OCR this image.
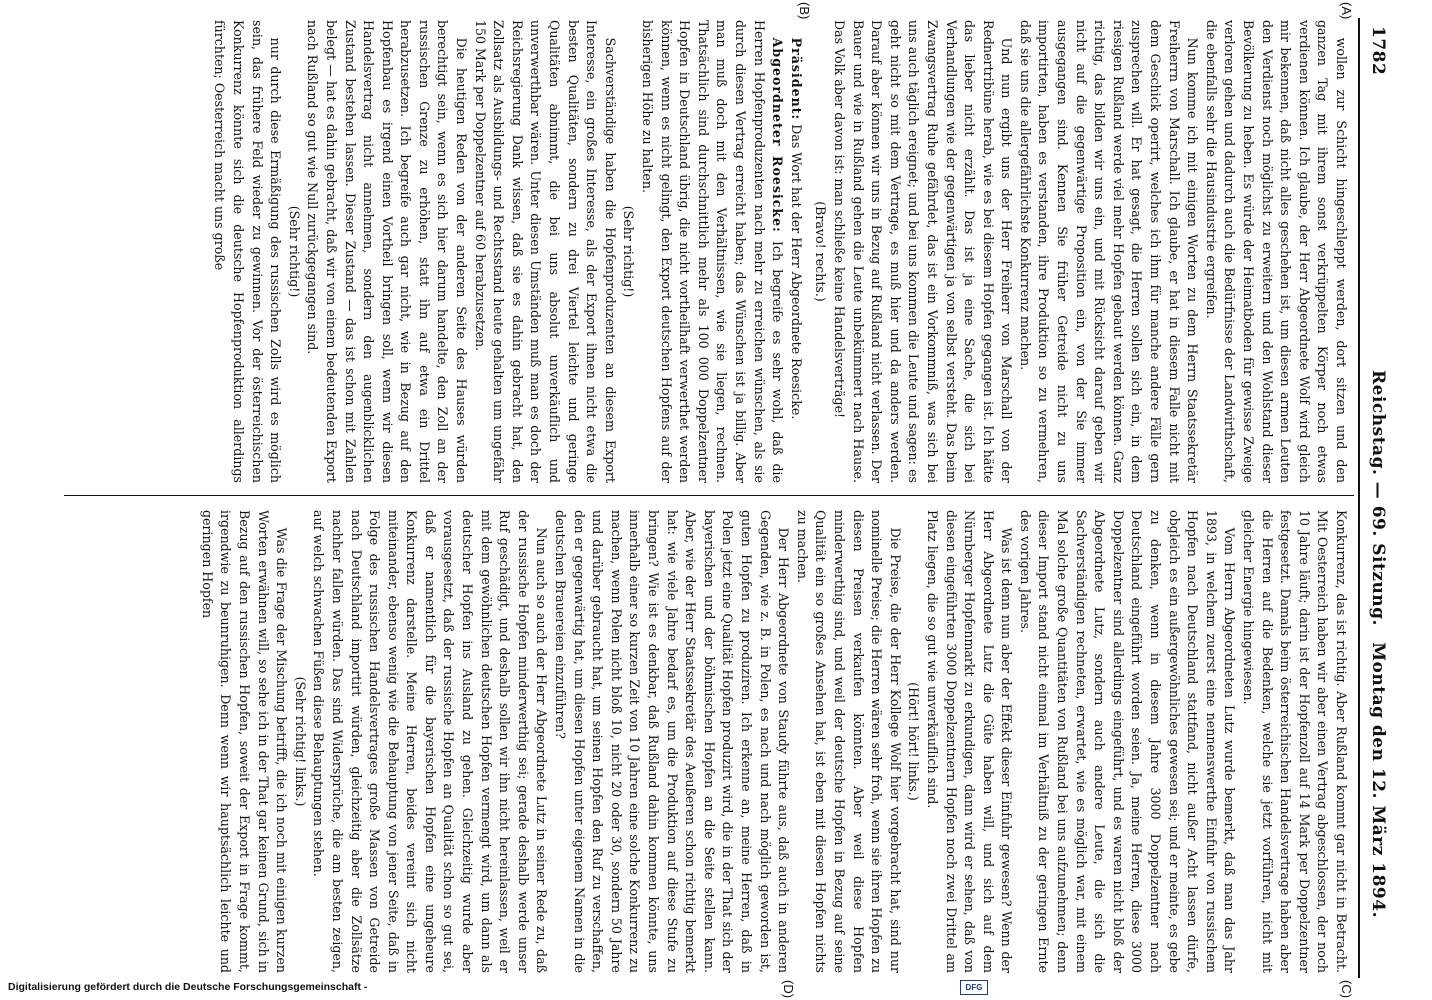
1782
Reichstag. — 69. Sitzung.
Montag den 12. März 1894.
(A)
(B)
(C)
(D)

wollen zur Schicht hingeschleppt werden, dort sitzen und den ganzen Tag mit ihrem sonst verkrüppelten Körper noch etwas verdienen können. Ich glaube, der Herr Abgeordnete Wolf wird gleich mir bekennen, daß nicht alles geschehen ist, um diesen armen Leuten den Verdienst noch möglichst zu erweitern und den Wohlstand dieser Bevölkerung zu heben. Es würde der Heimatboden für gewisse Zweige verloren gehen und dadurch auch die Bedürfnisse der Landwirthschaft, die ebenfalls sehr die Hausindustrie ergreifen.

Nun komme ich mit einigen Worten zu dem Herrn Staatssekretär Freiherrn von Marschall. Ich glaube, er hat in diesem Falle nicht mit dem Geschick operirt, welches ich ihm für manche andere Fälle gern zusprechen will. Er hat gesagt, die Herren sollen sich ein, in dem riesigen Rußland werde viel mehr Hopfen gebaut werden können. Ganz richtig, das bilden wir uns ein, und mit Rücksicht darauf geben wir nicht auf die gegenwärtige Proposition ein, von der Sie immer ausgegangen sind. Kennen Sie früher Getreide nicht zu uns importirten, haben es verstanden, ihre Produktion so zu vermehren, daß sie uns die allergefährlichste Konkurrenz machen.

Und nun ergibt uns der Herr Freiherr von Marschall von der Rednertribüne herab, wie es bei diesem Hopfen gegangen ist. Ich hätte das lieber nicht erzählt. Das ist ja eine Sache, die sich bei Verhandlungen wie der gegenwärtigen ja von selbst versteht. Das beim Zwangsvertrag Ruhe gefährdet, das ist ein Vorkommniß, was sich bei uns auch täglich ereignet; und bei uns kommen die Leute und sagen: es geht nicht so mit dem Vertrage, es muß hier und da anders werden. Darauf aber können wir uns in Bezug auf Rußland nicht verlassen. Der Bauer und wie in Rußland gehen die Leute unbekümmert nach Hause. Das Volk aber davon ist: man schließe keine Handelsverträge!

(Bravo! rechts.)

Präsident: Das Wort hat der Herr Abgeordnete Roesicke.

Abgeordneter Roesicke: Ich begreife es sehr wohl, daß die Herren Hopfenproduzenten nach mehr zu erreichen wünschen, als sie durch diesen Vertrag erreicht haben; das Wünschen ist ja billig. Aber man muß doch mit den Verhältnissen, wie sie liegen, rechnen. Thatsächlich sind durchschnittlich mehr als 100 000 Doppelzentner Hopfen in Deutschland übrig, die nicht vortheilhaft verwerthet werden können, wenn es nicht gelingt, den Export deutschen Hopfens auf der bisherigen Höhe zu halten.

(Sehr richtig!)

Sachverständige haben die Hopfenproduzenten an diesem Export Interesse, ein großes Interesse, als der Export ihnen nicht etwa die besten Qualitäten, sondern zu drei Viertel leichte und geringe Qualitäten abnimmt, die bei uns absolut unverkäuflich und unverwerthbar wären. Unter diesen Umständen muß man es doch der Reichsregierung Dank wissen, daß sie es dahin gebracht hat, den Zollsatz als Ausbildungs- und Rechtsstand heute gehalten um ungefähr 150 Mark per Doppelzentner auf 60 herabzusetzen.

Die heutigen Reden von der anderen Seite des Hauses würden berechtigt sein, wenn es sich hier darum handelte, den Zoll an der russischen Grenze zu erhöhen, statt ihn auf etwa ein Drittel herabzusetzen. Ich begreife auch gar nicht, wie in Bezug auf den Hopfenbau es irgend einen Vortheil bringen soll, wenn wir diesen Handelsvertrag nicht annehmen, sondern den augenblicklichen Zustand bestehen lassen. Dieser Zustand — das ist schon mit Zahlen belegt — hat es dahin gebracht, daß wir von einem bedeutenden Export nach Rußland so gut wie Null zurückgegangen sind.

(Sehr richtig!)

nur durch diese Ermäßigung des russischen Zolls wird es möglich sein, das frühere Feld wieder zu gewinnen. Vor der österreichischen Konkurrenz könnte sich die deutsche Hopfenproduktion allerdings fürchten; Oesterreich macht uns große

Konkurrenz, das ist richtig. Aber Rußland kommt gar nicht in Betracht. Mit Oesterreich haben wir aber einen Vertrag abgeschlossen, der noch 10 Jahre läuft; darin ist der Hopfenzoll auf 14 Mark per Doppelzentner festgesetzt. Damals beim österreichischen Handelsvertrage haben aber die Herren auf die Bedenken, welche sie jetzt vorführen, nicht mit gleicher Energie hingewiesen.

Vom Herrn Abgeordneten Lutz wurde bemerkt, daß man das Jahr 1893, in welchem zuerst eine nennenswerthe Einfuhr von russischem Hopfen nach Deutschland stattfand, nicht außer Acht lassen dürfe, obgleich es ein außergewöhnliches gewesen sei; und er meinte, es gebe zu denken, wenn in diesem Jahre 3000 Doppelzentner nach Deutschland eingeführt worden seien. Ja, meine Herren, diese 3000 Doppelzentner sind allerdings eingeführt, und es waren nicht bloß der Abgeordnete Lutz, sondern auch andere Leute, die sich die Sachverständigen rechneten, erwartet, wie es möglich war, mit einem Mal solche große Quantitäten von Rußland bei uns aufzunehmen; denn dieser Import stand nicht einmal im Verhältniß zu der geringen Ernte des vorigen Jahres.

Was ist denn nun aber der Effekt dieser Einfuhr gewesen? Wenn der Herr Abgeordnete Lutz die Güte haben will, und sich auf dem Nürnberger Hopfenmarkt zu erkundigen, dann wird er sehen, daß von diesen eingeführten 3000 Doppelzentnern Hopfen noch zwei Drittel am Platz liegen, die so gut wie unverkäuflich sind.

(Hört! hört! links.)

Die Preise, die der Herr Kollege Wolf hier vorgebracht hat, sind nur nominelle Preise; die Herren wären sehr froh, wenn sie ihren Hopfen zu diesen Preisen verkaufen könnten. Aber weil diese Hopfen minderwerthig sind, und weil der deutsche Hopfen in Bezug auf seine Qualität ein so großes Ansehen hat, ist eben mit diesen Hopfen nichts zu machen.

Der Herr Abgeordnete von Staudy führte aus, daß auch in anderen Gegenden, wie z. B. in Polen, es nach und nach möglich geworden ist, guten Hopfen zu produziren. Ich erkenne an, meine Herren, daß in Polen jetzt eine Qualität Hopfen produzirt wird, die in der That sich der bayerischen und der böhmischen Hopfen an die Seite stellen kann. Aber, wie der Herr Staatssekretär des Aeußeren schon richtig bemerkt hat: wie viele Jahre bedarf es, um die Produktion auf diese Stufe zu bringen? Wie ist es denkbar, daß Rußland dahin kommen könnte, uns innerhalb einer so kurzen Zeit von 10 Jahren eine solche Konkurrenz zu machen, wenn Polen nicht bloß 10, nicht 20 oder 30, sondern 50 Jahre und darüber gebraucht hat, um seinen Hopfen den Ruf zu verschaffen, den er gegenwärtig hat, um diesen Hopfen unter eigenem Namen in die deutschen Brauereien einzuführen?

Nun auch so auch der Herr Abgeordnete Lutz in seiner Rede zu, daß der russische Hopfen minderwerthig sei; gerade deshalb werde unser Ruf geschädigt, und deshalb sollen wir ihn nicht hereinlassen, weil er mit dem gewöhnlichen deutschen Hopfen vermengt wird, um dann als deutscher Hopfen ins Ausland zu gehen. Gleichzeitig wurde aber vorausgesetzt, daß der russische Hopfen an Qualität schon so gut sei, daß er namentlich für die bayerischen Hopfen eine ungeheure Konkurrenz darstelle. Meine Herren, beides vereint sich nicht miteinander, ebenso wenig wie die Behauptung von jener Seite, daß in Folge des russischen Handelsvertrages große Massen von Getreide nach Deutschland importirt würden, gleichzeitig aber die Zollsätze nachher fallen würden. Das sind Widersprüche, die am besten zeigen, auf welch schwachen Füßen diese Behauptungen stehen.

(Sehr richtig! links.)

Was die Frage der Mischung betrifft, die ich noch mit einigen kurzen Worten erwähnen will, so sehe ich in der That gar keinen Grund, sich in Bezug auf den russischen Hopfen, soweit der Export in Frage kommt, irgendwie zu beunruhigen. Denn wenn wir hauptsächlich leichte und geringen Hopfen

Digitalisierung gefördert durch die Deutsche Forschungsgemeinschaft -	DFG
